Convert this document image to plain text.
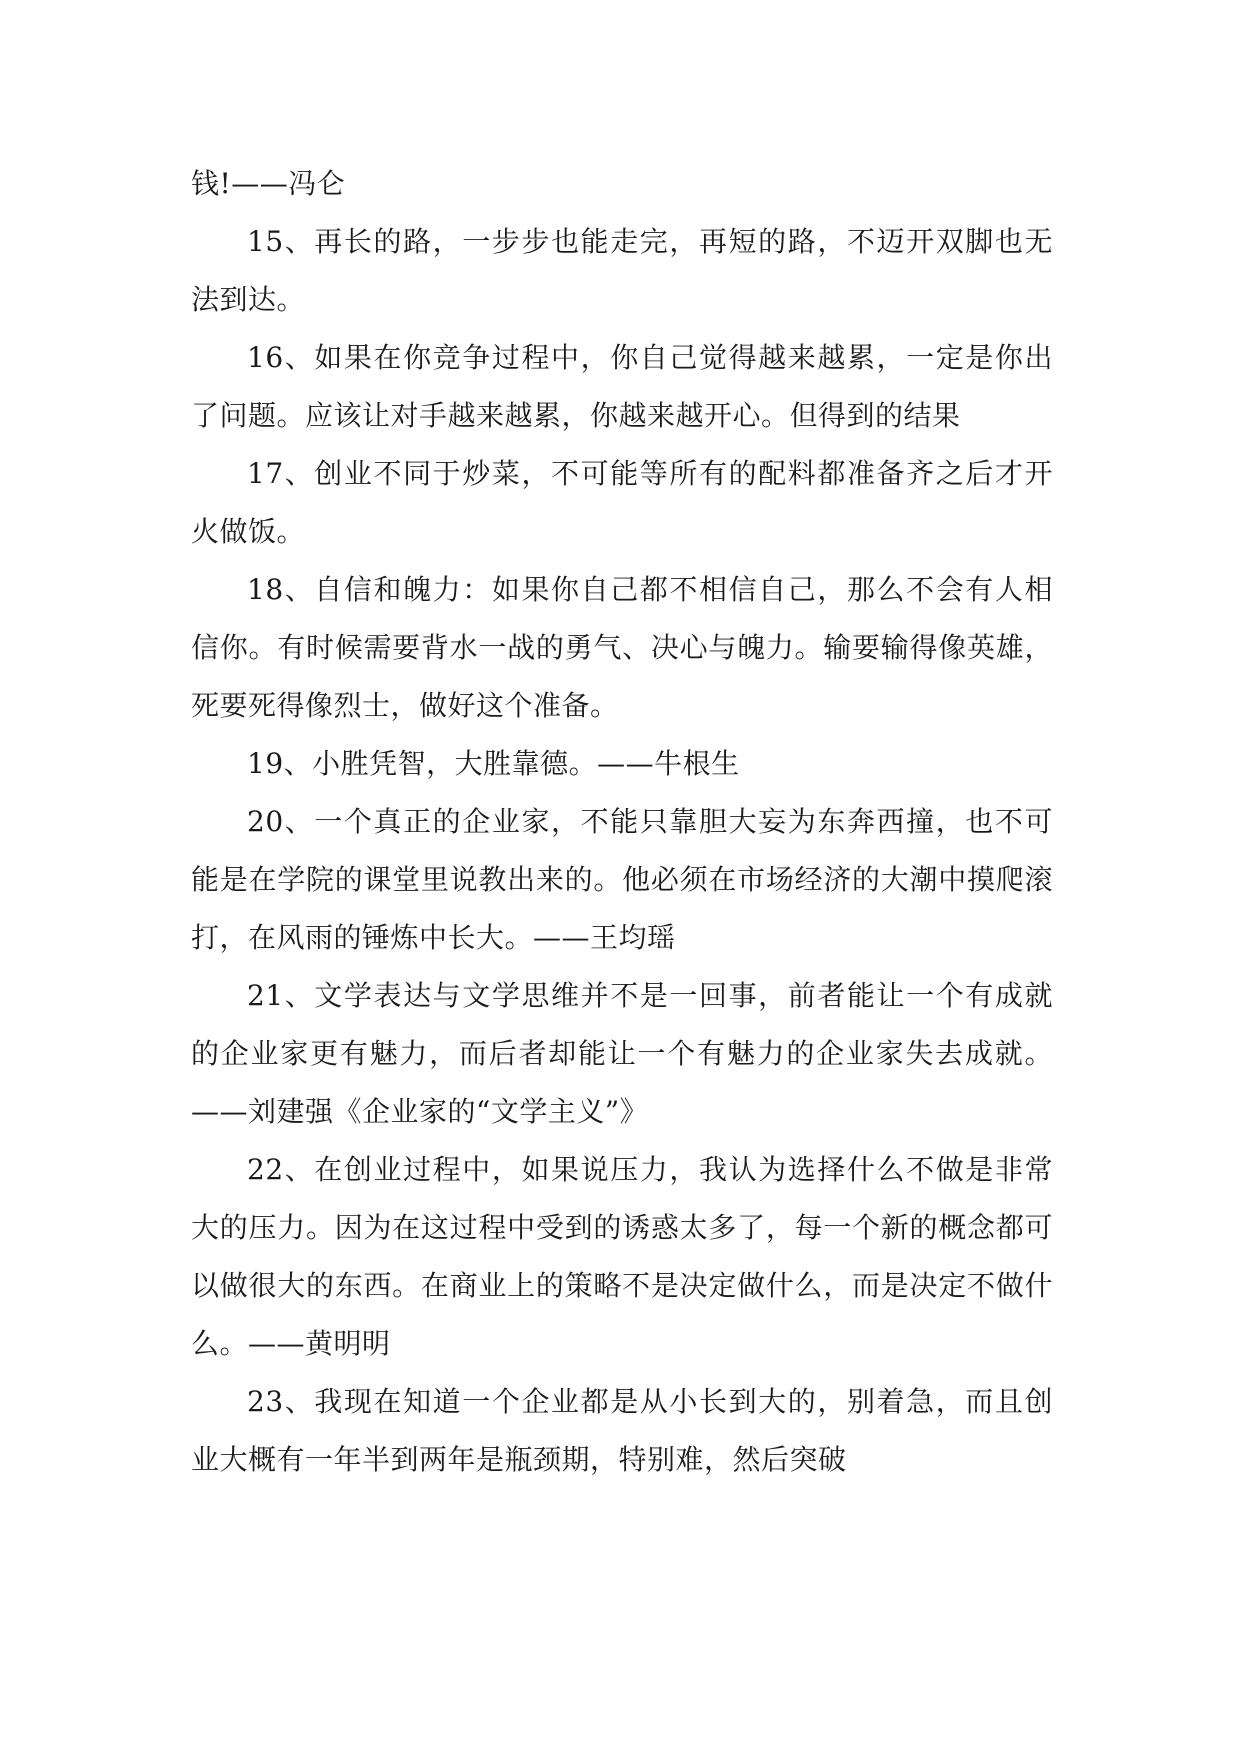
钱!——冯仑

15、再长的路，一步步也能走完，再短的路，不迈开双脚也无法到达。

16、如果在你竞争过程中，你自己觉得越来越累，一定是你出了问题。应该让对手越来越累，你越来越开心。但得到的结果

17、创业不同于炒菜，不可能等所有的配料都准备齐之后才开火做饭。

18、自信和魄力：如果你自己都不相信自己，那么不会有人相信你。有时候需要背水一战的勇气、决心与魄力。输要输得像英雄，死要死得像烈士，做好这个准备。

19、小胜凭智，大胜靠德。——牛根生

20、一个真正的企业家，不能只靠胆大妄为东奔西撞，也不可能是在学院的课堂里说教出来的。他必须在市场经济的大潮中摸爬滚打，在风雨的锤炼中长大。——王均瑶

21、文学表达与文学思维并不是一回事，前者能让一个有成就的企业家更有魅力，而后者却能让一个有魅力的企业家失去成就。——刘建强《企业家的“文学主义”》

22、在创业过程中，如果说压力，我认为选择什么不做是非常大的压力。因为在这过程中受到的诱惑太多了，每一个新的概念都可以做很大的东西。在商业上的策略不是决定做什么，而是决定不做什么。——黄明明

23、我现在知道一个企业都是从小长到大的，别着急，而且创业大概有一年半到两年是瓶颈期，特别难，然后突破
